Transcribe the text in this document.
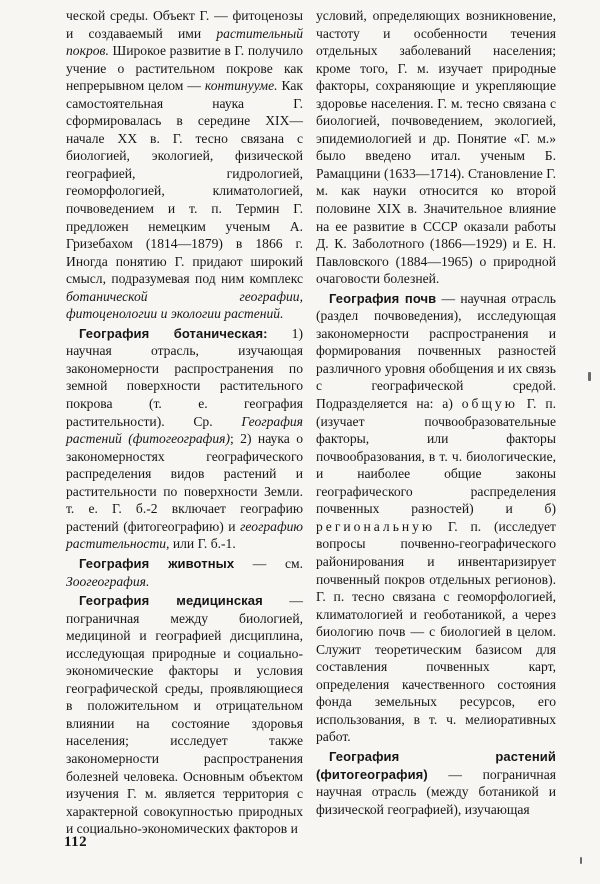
ческой среды. Объект Г. — фитоценозы и создаваемый ими растительный покров. Широкое развитие в Г. получило учение о растительном покрове как непрерывном целом — континууме. Как самостоятельная наука Г. сформировалась в середине XIX—начале XX в. Г. тесно связана с биологией, экологией, физической географией, гидрологией, геоморфологией, климатологией, почвоведением и т. п. Термин Г. предложен немецким ученым А. Гризебахом (1814—1879) в 1866 г. Иногда понятию Г. придают широкий смысл, подразумевая под ним комплекс ботанической географии, фитоценологии и экологии растений.

География ботаническая: 1) научная отрасль, изучающая закономерности распространения по земной поверхности растительного покрова (т. е. география растительности). Ср. География растений (фитогеография); 2) наука о закономерностях географического распределения видов растений и растительности по поверхности Земли. т. е. Г. б.-2 включает географию растений (фитогеографию) и географию растительности, или Г. б.-1.

География животных — см. Зоогеография.

География медицинская — пограничная между биологией, медициной и географией дисциплина, исследующая природные и социально-экономические факторы и условия географической среды, проявляющиеся в положительном и отрицательном влиянии на состояние здоровья населения; исследует также закономерности распространения болезней человека. Основным объектом изучения Г. м. является территория с характерной совокупностью природных и социально-экономических факторов и

условий, определяющих возникновение, частоту и особенности течения отдельных заболеваний населения; кроме того, Г. м. изучает природные факторы, сохраняющие и укрепляющие здоровье населения. Г. м. тесно связана с биологией, почвоведением, экологией, эпидемиологией и др. Понятие «Г. м.» было введено итал. ученым Б. Рамаццини (1633—1714). Становление Г. м. как науки относится ко второй половине XIX в. Значительное влияние на ее развитие в СССР оказали работы Д. К. Заболотного (1866—1929) и Е. Н. Павловского (1884—1965) о природной очаговости болезней.

География почв — научная отрасль (раздел почвоведения), исследующая закономерности распространения и формирования почвенных разностей различного уровня обобщения и их связь с географической средой. Подразделяется на: а) общую Г. п. (изучает почвообразовательные факторы, или факторы почвообразования, в т. ч. биологические, и наиболее общие законы географического распределения почвенных разностей) и б) региональную Г. п. (исследует вопросы почвенно-географического районирования и инвентаризирует почвенный покров отдельных регионов). Г. п. тесно связана с геоморфологией, климатологией и геоботаникой, а через биологию почв — с биологией в целом. Служит теоретическим базисом для составления почвенных карт, определения качественного состояния фонда земельных ресурсов, его использования, в т. ч. мелиоративных работ.

География растений (фитогеография) — пограничная научная отрасль (между ботаникой и физической географией), изучающая

112
